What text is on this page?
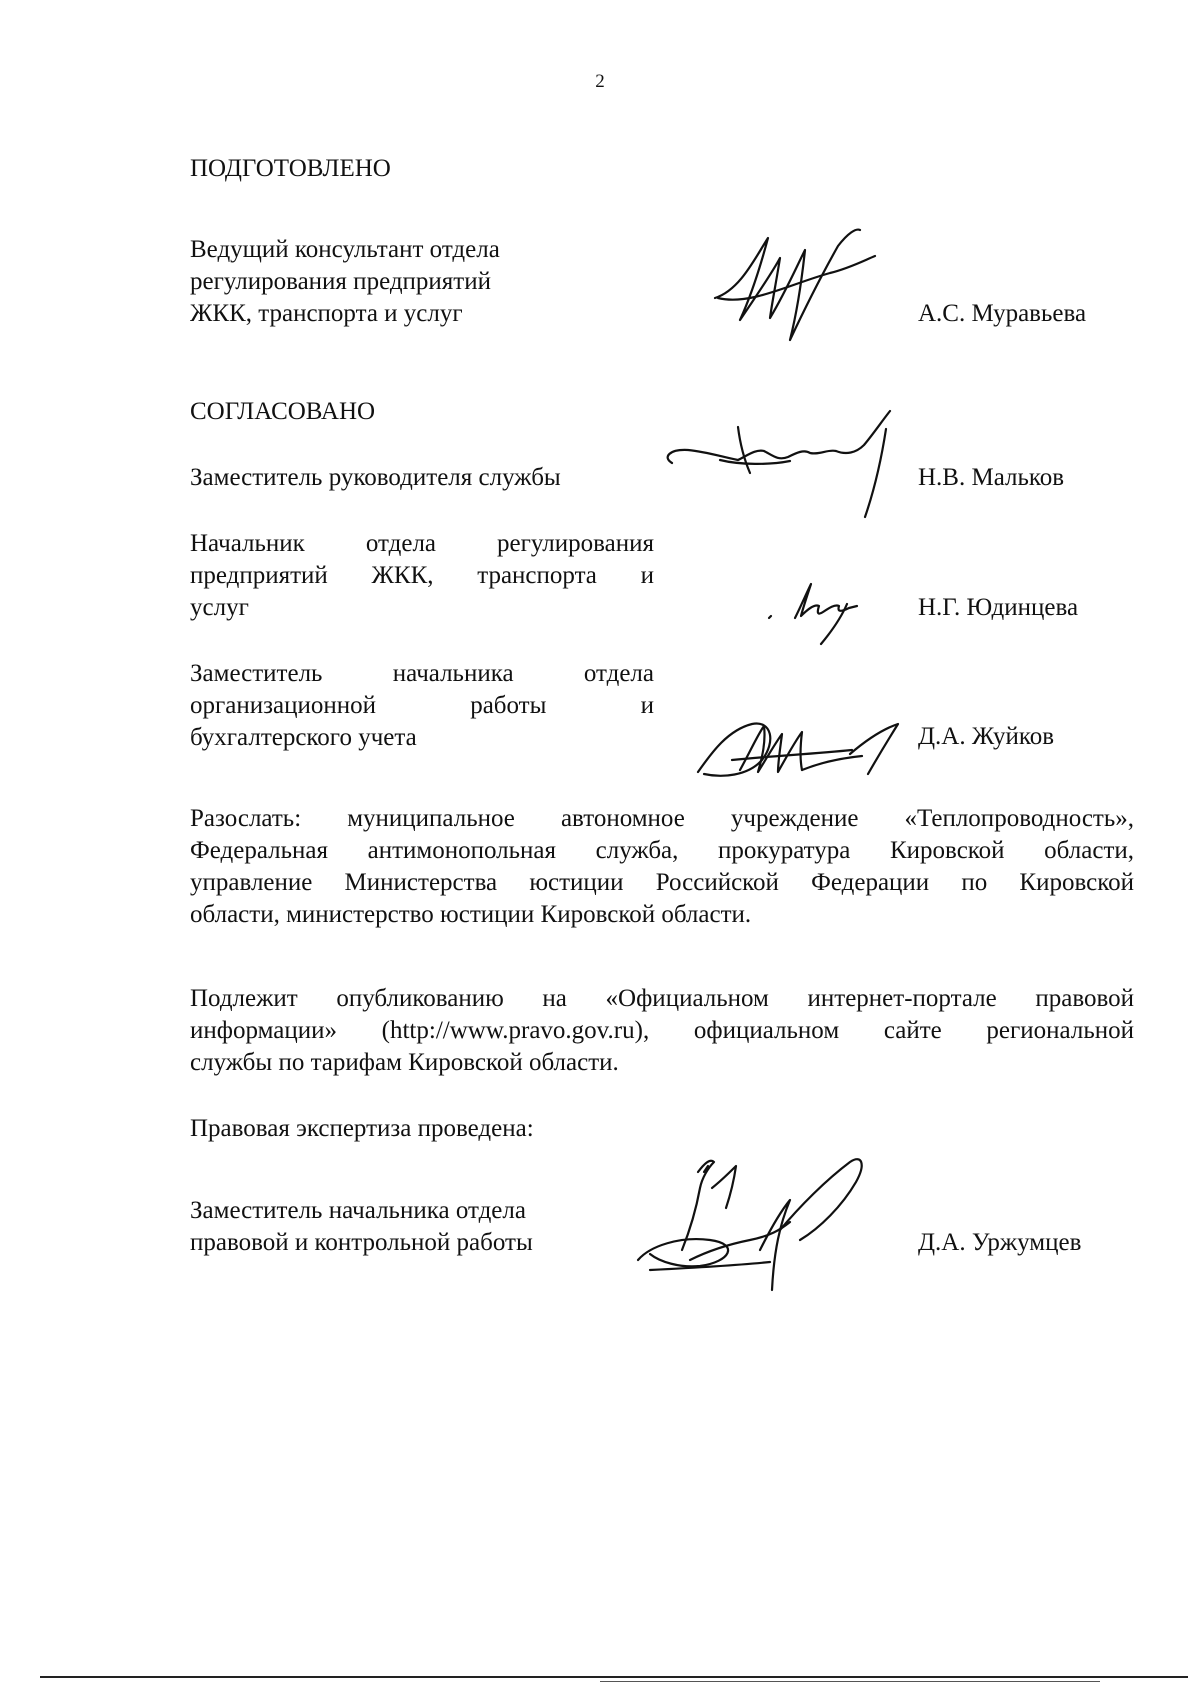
2
ПОДГОТОВЛЕНО
Ведущий консультант отдела
регулирования предприятий
ЖКК, транспорта и услуг	А.С. Муравьева
СОГЛАСОВАНО
Заместитель руководителя службы	Н.В. Мальков
Начальник отдела регулирования
предприятий ЖКК, транспорта и
услуг	Н.Г. Юдинцева
Заместитель начальника отдела
организационной работы и
бухгалтерского учета	Д.А. Жуйков
Разослать: муниципальное автономное учреждение «Теплопроводность»,
Федеральная антимонопольная служба, прокуратура Кировской области,
управление Министерства юстиции Российской Федерации по Кировской
области, министерство юстиции Кировской области.
Подлежит опубликованию на «Официальном интернет-портале правовой
информации» (http://www.pravo.gov.ru), официальном сайте региональной
службы по тарифам Кировской области.
Правовая экспертиза проведена:
Заместитель начальника отдела
правовой и контрольной работы	Д.А. Уржумцев
